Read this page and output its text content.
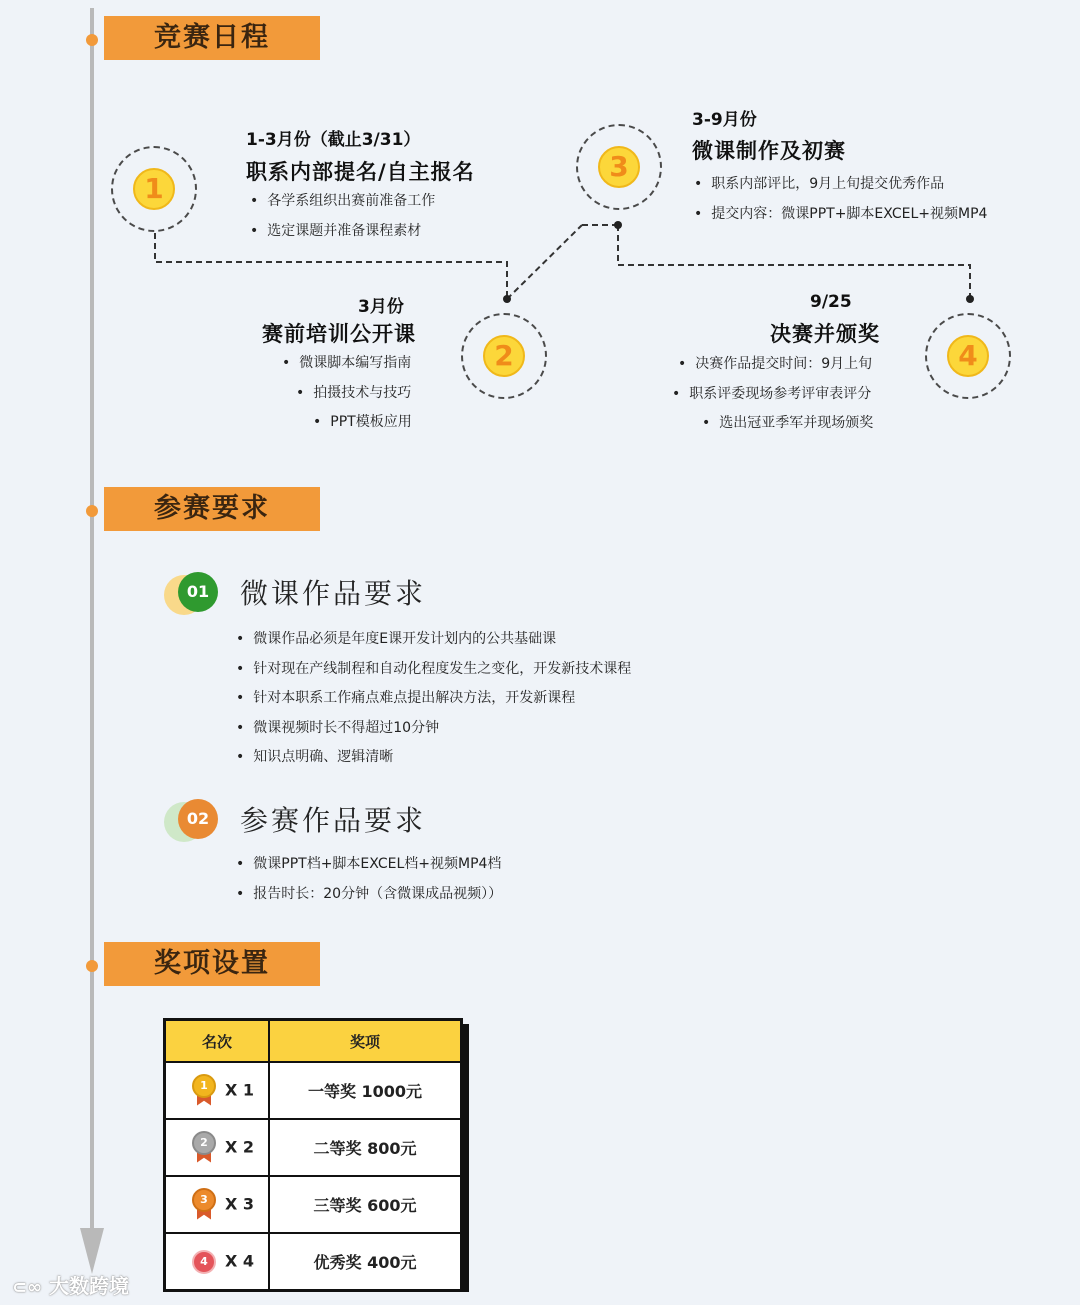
竞赛日程
参赛要求
奖项设置
1
1-3月份（截止3/31）
职系内部提名/自主报名
• 各学系组织出赛前准备工作
• 选定课题并准备课程素材
2
3月份
赛前培训公开课
• 微课脚本编写指南
• 拍摄技术与技巧
• PPT模板应用
3
3-9月份
微课制作及初赛
• 职系内部评比，9月上旬提交优秀作品
• 提交内容：微课PPT+脚本EXCEL+视频MP4
4
9/25
决赛并颁奖
• 决赛作品提交时间：9月上旬
• 职系评委现场参考评审表评分
• 选出冠亚季军并现场颁奖
01	微课作品要求
• 微课作品必须是年度E课开发计划内的公共基础课
• 针对现在产线制程和自动化程度发生之变化，开发新技术课程
• 针对本职系工作痛点难点提出解决方法，开发新课程
• 微课视频时长不得超过10分钟
• 知识点明确、逻辑清晰
02	参赛作品要求
• 微课PPT档+脚本EXCEL档+视频MP4档
• 报告时长：20分钟（含微课成品视频））
名次	奖项

1 X 1	一等奖 1000元

2 X 2	二等奖 800元

3 X 3	三等奖 600元

4 X 4	优秀奖 400元
⊂∞ 大数跨境
